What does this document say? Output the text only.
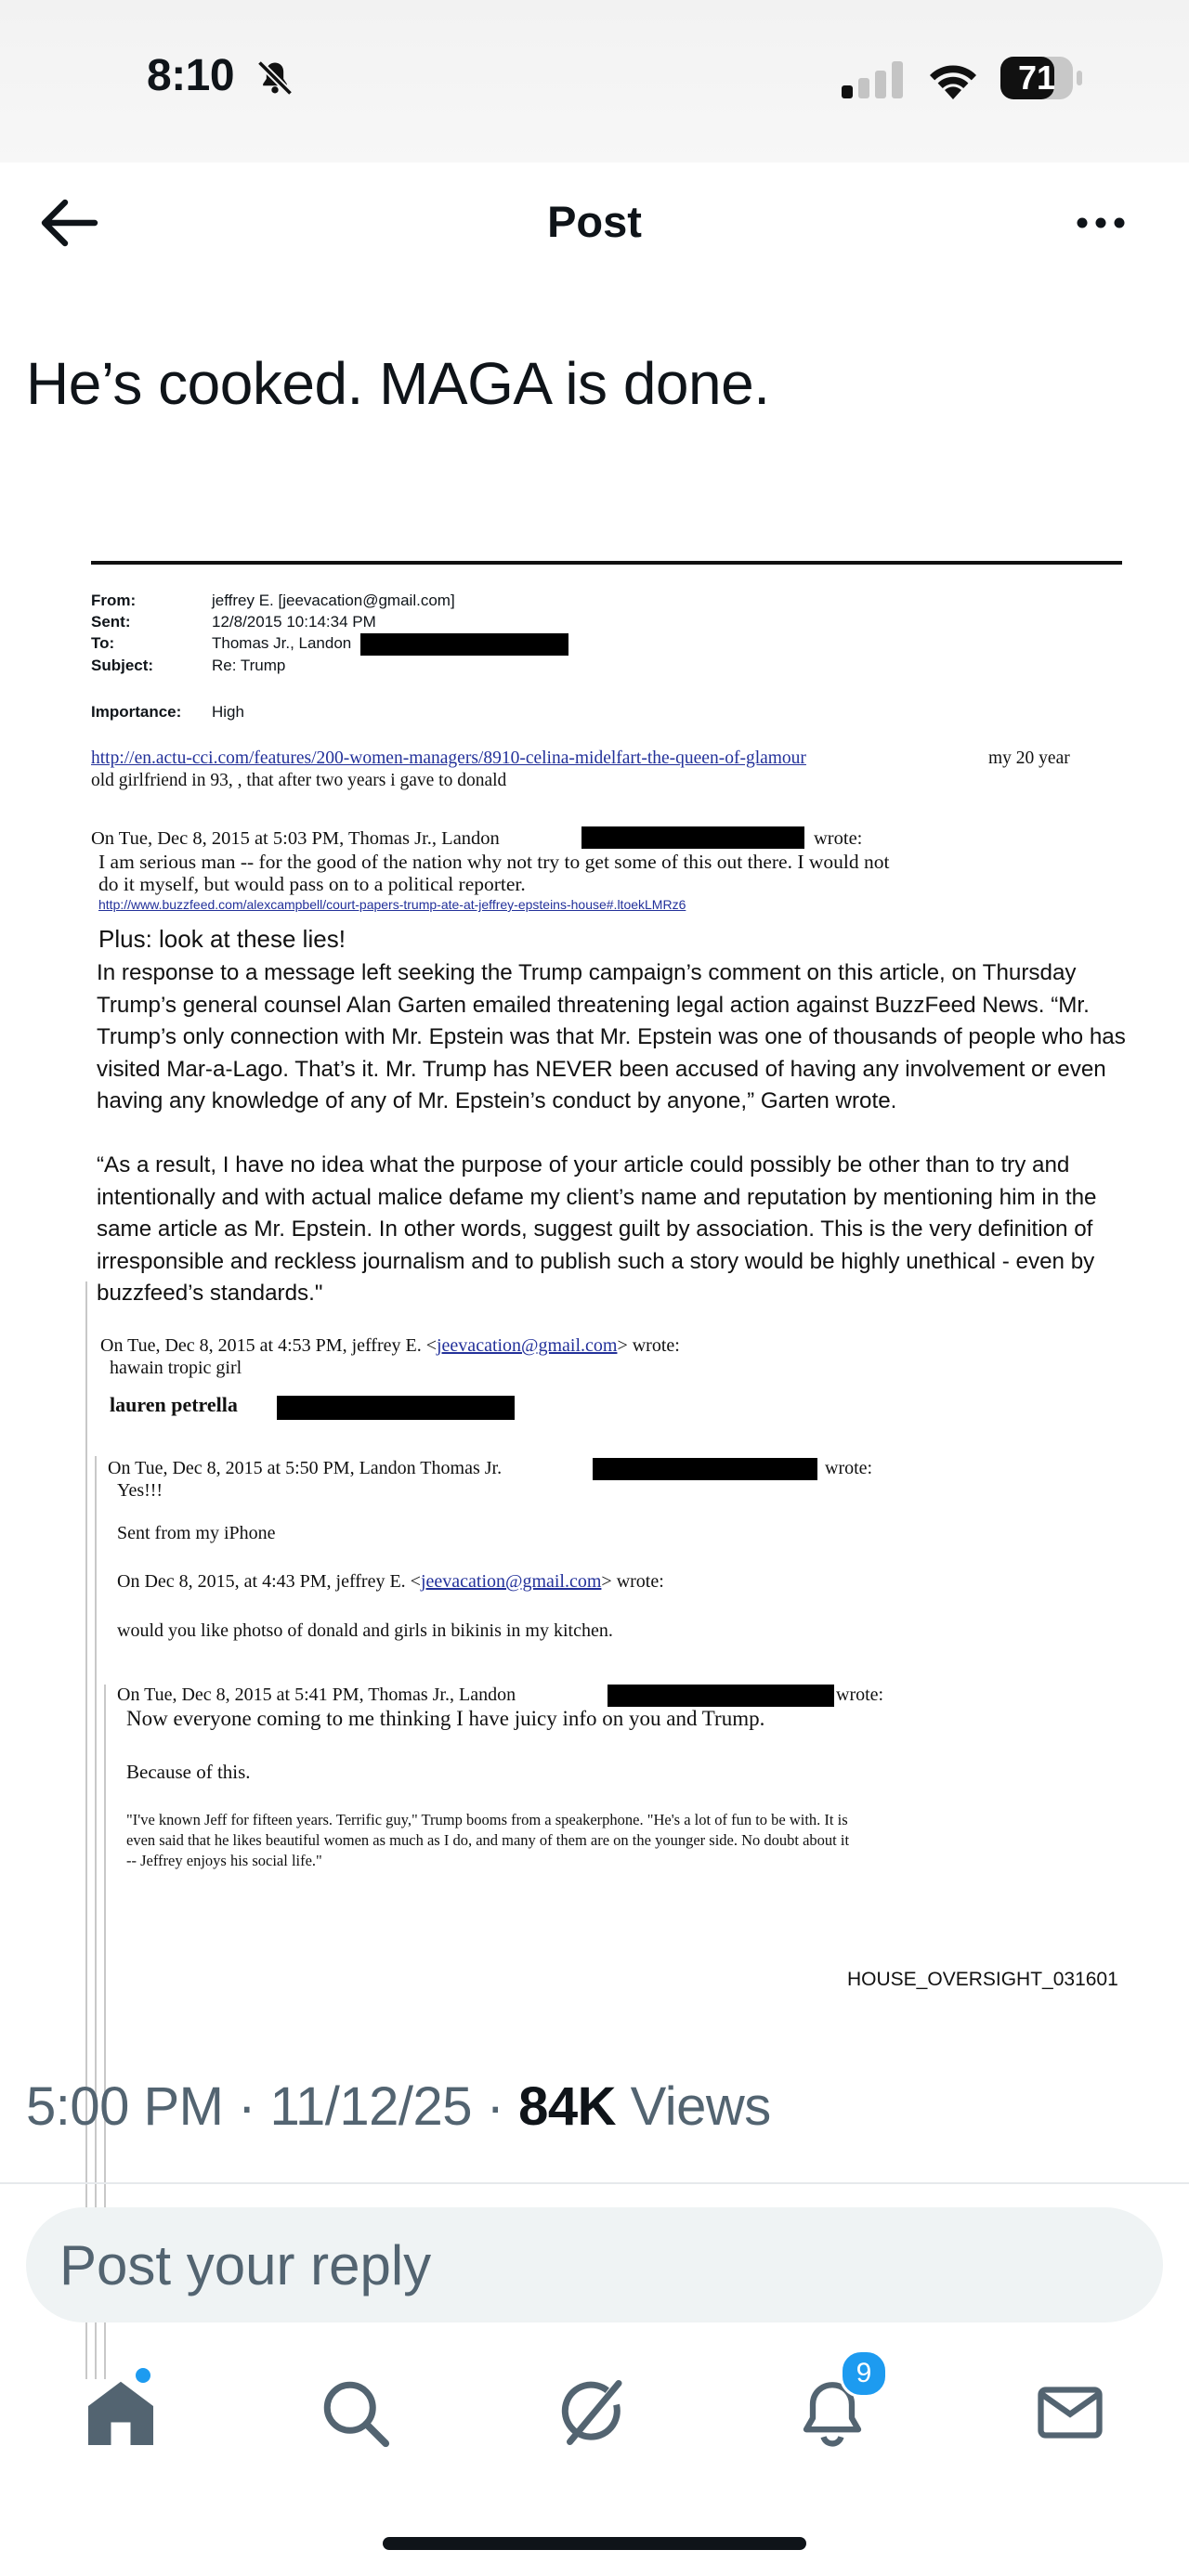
8:10	71
Post
He’s cooked. MAGA is done.
From:	jeffrey E. [jeevacation@gmail.com]
Sent:	12/8/2015 10:14:34 PM
To:	Thomas Jr., Landon
Subject:	Re: Trump
Importance: High
http://en.actu-cci.com/features/200-women-managers/8910-celina-midelfart-the-queen-of-glamour	my 20 year
old girlfriend in 93, , that after two years i gave to donald
On Tue, Dec 8, 2015 at 5:03 PM, Thomas Jr., Landon	wrote:
I am serious man -- for the good of the nation why not try to get some of this out there. I would not
do it myself, but would pass on to a political reporter.
http://www.buzzfeed.com/alexcampbell/court-papers-trump-ate-at-jeffrey-epsteins-house#.ltoekLMRz6
Plus: look at these lies!
In response to a message left seeking the Trump campaign’s comment on this article, on Thursday Trump’s general counsel Alan Garten emailed threatening legal action against BuzzFeed News. “Mr. Trump’s only connection with Mr. Epstein was that Mr. Epstein was one of thousands of people who has visited Mar-a-Lago. That’s it. Mr. Trump has NEVER been accused of having any involvement or even having any knowledge of any of Mr. Epstein’s conduct by anyone,” Garten wrote.
“As a result, I have no idea what the purpose of your article could possibly be other than to try and intentionally and with actual malice defame my client’s name and reputation by mentioning him in the same article as Mr. Epstein. In other words, suggest guilt by association. This is the very definition of irresponsible and reckless journalism and to publish such a story would be highly unethical - even by buzzfeed’s standards."
On Tue, Dec 8, 2015 at 4:53 PM, jeffrey E. <jeevacation@gmail.com> wrote:
hawain tropic girl
lauren petrella
On Tue, Dec 8, 2015 at 5:50 PM, Landon Thomas Jr.	wrote:
Yes!!!
Sent from my iPhone
On Dec 8, 2015, at 4:43 PM, jeffrey E. <jeevacation@gmail.com> wrote:
would you like photso of donald and girls in bikinis in my kitchen.
On Tue, Dec 8, 2015 at 5:41 PM, Thomas Jr., Landon	wrote:
Now everyone coming to me thinking I have juicy info on you and Trump.
Because of this.
"I've known Jeff for fifteen years. Terrific guy," Trump booms from a speakerphone. "He's a lot of fun to be with. It is
even said that he likes beautiful women as much as I do, and many of them are on the younger side. No doubt about it
-- Jeffrey enjoys his social life."
HOUSE_OVERSIGHT_031601
5:00 PM · 11/12/25 · 84K Views
Post your reply
9
